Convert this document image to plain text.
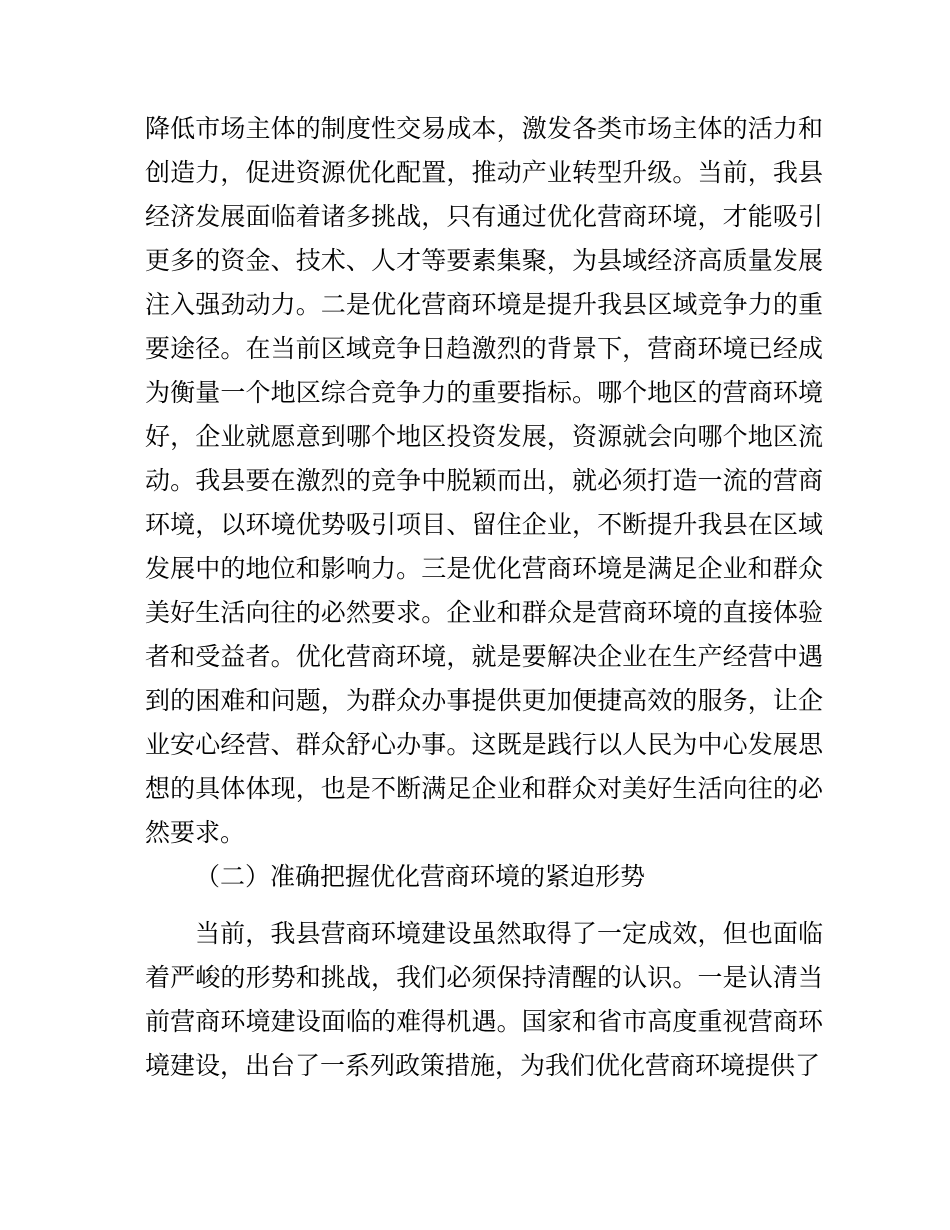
降低市场主体的制度性交易成本，激发各类市场主体的活力和创造力，促进资源优化配置，推动产业转型升级。当前，我县经济发展面临着诸多挑战，只有通过优化营商环境，才能吸引更多的资金、技术、人才等要素集聚，为县域经济高质量发展注入强劲动力。二是优化营商环境是提升我县区域竞争力的重要途径。在当前区域竞争日趋激烈的背景下，营商环境已经成为衡量一个地区综合竞争力的重要指标。哪个地区的营商环境好，企业就愿意到哪个地区投资发展，资源就会向哪个地区流动。我县要在激烈的竞争中脱颖而出，就必须打造一流的营商环境，以环境优势吸引项目、留住企业，不断提升我县在区域发展中的地位和影响力。三是优化营商环境是满足企业和群众美好生活向往的必然要求。企业和群众是营商环境的直接体验者和受益者。优化营商环境，就是要解决企业在生产经营中遇到的困难和问题，为群众办事提供更加便捷高效的服务，让企业安心经营、群众舒心办事。这既是践行以人民为中心发展思想的具体体现，也是不断满足企业和群众对美好生活向往的必然要求。

（二）准确把握优化营商环境的紧迫形势

当前，我县营商环境建设虽然取得了一定成效，但也面临着严峻的形势和挑战，我们必须保持清醒的认识。一是认清当前营商环境建设面临的难得机遇。国家和省市高度重视营商环境建设，出台了一系列政策措施，为我们优化营商环境提供了
